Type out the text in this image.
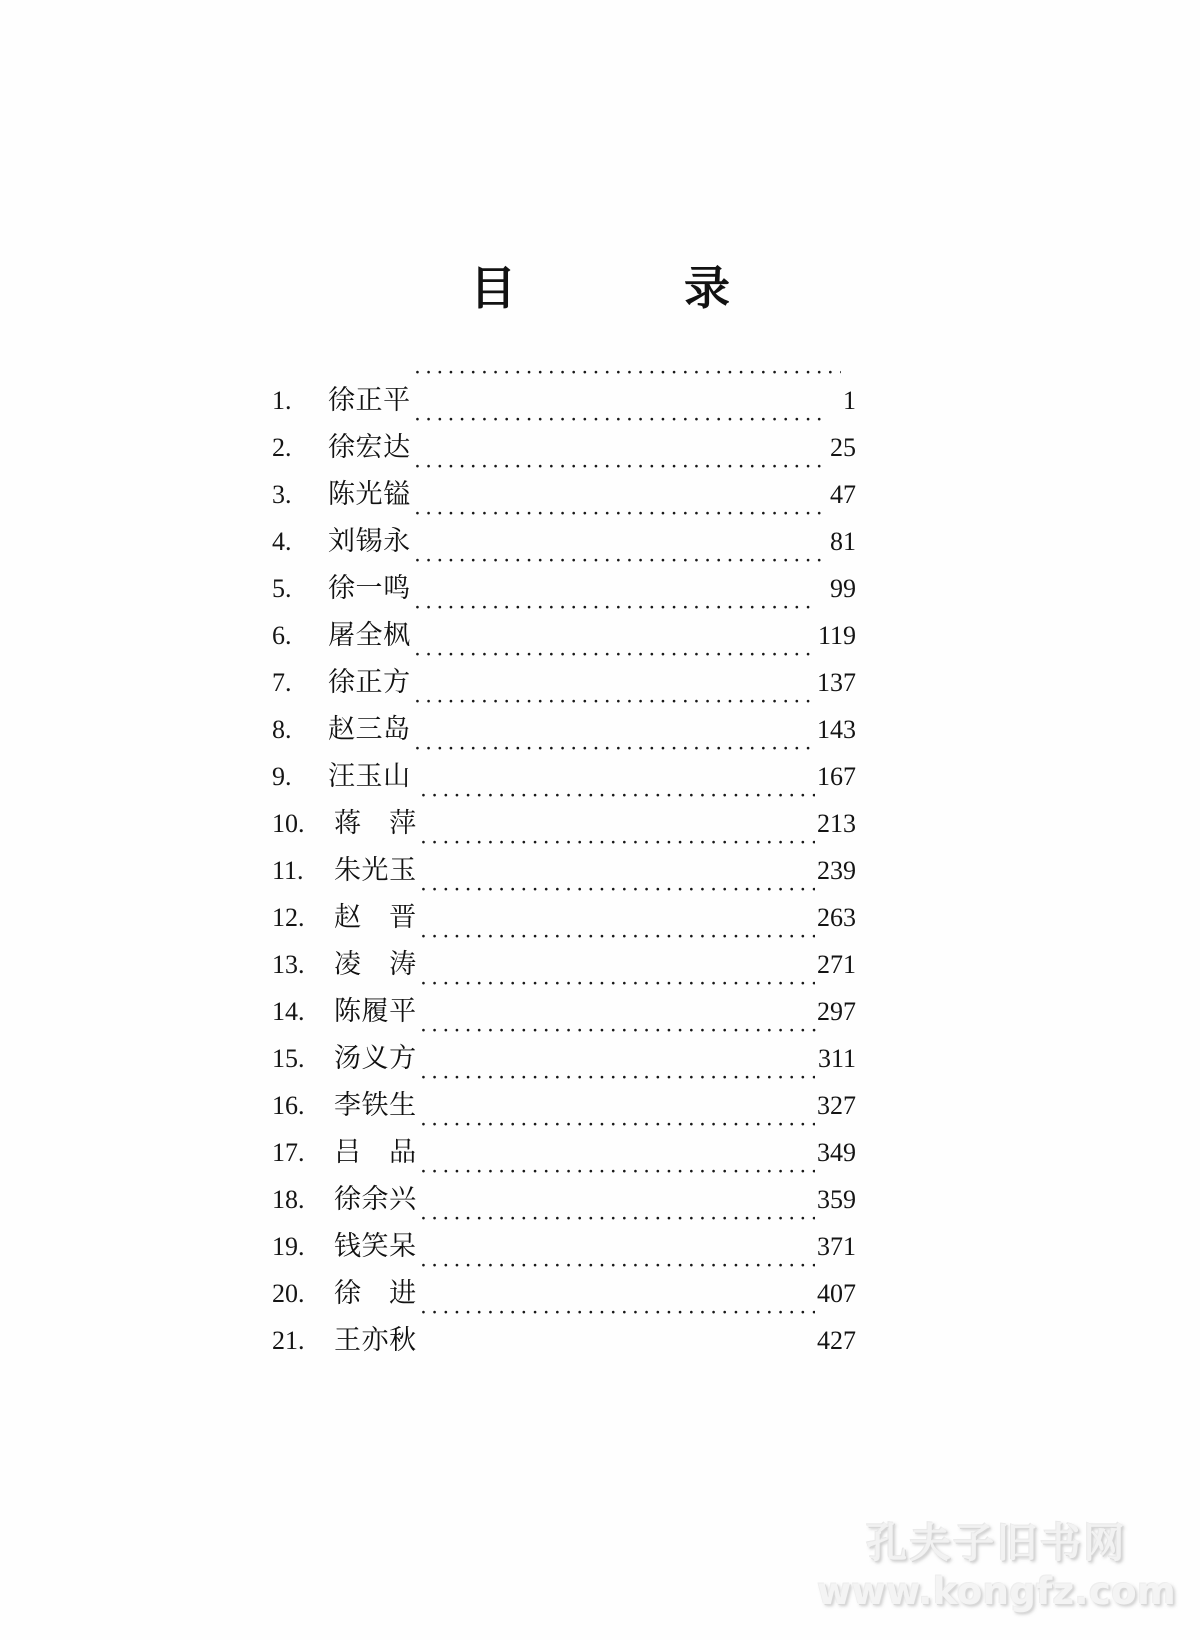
目　　录
1.	徐正平 ·····	1
2.	徐宏达 ·····	25
3.	陈光镒 ·····	47
4.	刘锡永 ·····	81
5.	徐一鸣 ·····	99
6.	屠全枫 ·····	119
7.	徐正方 ·····	137
8.	赵三岛 ·····	143
9.	汪玉山 ·····	167
10.	蒋　萍 ·····	213
11.	朱光玉 ·····	239
12.	赵　晋 ·····	263
13.	凌　涛 ·····	271
14.	陈履平 ·····	297
15.	汤义方 ·····	311
16.	李铁生 ·····	327
17.	吕　品 ·····	349
18.	徐余兴 ·····	359
19.	钱笑呆 ·····	371
20.	徐　进 ·····	407
21.	王亦秋 ·····	427
孔夫子旧书网
www.kongfz.com
